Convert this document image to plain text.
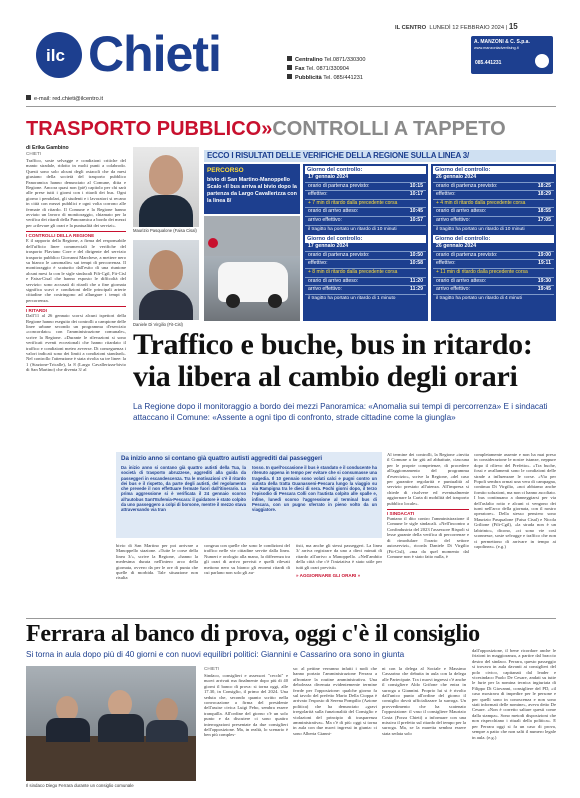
ilc Chieti	Centralino Tel.0871/330300
Fax Tel. 0871/330904
Pubblicità Tel. 085/441231
IL CENTRO LUNEDÌ 12 FEBBRAIO 2024 | 15
A. MANZONI & C. S.p.a.
www.manzoniadvertising.it
085.441231
e-mail: red.chieti@ilcentro.it
TRASPORTO PUBBLICO»CONTROLLI A TAPPETO
di Erika Gambino
CHIETI
Traffico, soste selvagge e condizioni critiche del manto stradale, ridotto in molti punti a colabrodo. Questi sono solo alcuni degli ostacoli che da mesi giustano della società del trasporto pubblico Panoramica hanno denunciato al Comune, ditta e Regione. Ancora quasi non (piè) capitolo per chi sarà alle prese tutti i giorni con i ritardi dei bus. Ogni giorno i pendolari, gli studenti e i lavoratori si recano in città con mezzi pubblici e ogni volta corrono alle fermate di ritardo. Il Comune e la Regione hanno avviato un lavoro di monitoraggio, chiamato per la verifica dei ritardi della Panoramica a bordo dei mezzi per «rilevare gli orari e la puntualità dei servizi».
I CONTROLLI DELLA REGIONE
E il rapporto della Regione, a firma del responsabile dell'ufficio linee commerciali le verifiche del trasporto Flaviano Core e del dirigente del servizio trasporto pubblico Giovanni Marchese, a mettere nero su bianco le «anomalie» sui tempi di percorrenza. Il monitoraggio è scaturito dall'esito di una riunione alcuni mesi fa con le sigle sindacali Filt-Cgil, Fit-Cisl e Faisa-Cisal che hanno esposto le difficoltà del servizio: sono accusati di ritardi che a fine giornata significa scavi e condizioni delle principali arterie cittadine che costringono ad allungare i tempi di percorrenza.
I RITARDI
Dall'11 al 26 gennaio scorsi alcuni ispettori della Regione hanno eseguito dei controlli a campione delle linee urbane secondo un programma d'esercizio «concordato» con l'amministrazione comunale», scrive la Regione. «Durante le rilevazioni si sono verificati eventi eccezionali che hanno ritardato il traffico e condizioni meteo avverse. Di conseguenza i valori indicati sono dei limiti a condizioni standard». Nel controllo l'attenzione è stata rivolta su tre linee: la 1 (Stazione-Tricalle), la 8 (Largo Cavallerizza-bivio di San Martino) che diventa 3/ al
Maurizio Pasqualone (Faisa Cisal)
Daniele Di Virgilio (Fit-Cisl)
ECCO I RISULTATI DELLE VERIFICHE DELLA REGIONE SULLA LINEA 3/
PERCORSO
bivio di San Martino-Manoppello Scalo «Il bus arriva al bivio dopo la partenza da Largo Cavallerizza con la linea 8/
Giorno del controllo:
17 gennaio 2024
orario di partenza previsto:	10:15
effettivo:	10:17
+ 7 min di ritardo dalla precedente corsa
orario di arrivo atteso:	10:45
arrivo effettivo:	10:57
il tragitto ha portato un ritardo di 10 minuti
Giorno del controllo:
17 gennaio 2024
orario di partenza previsto:	10:50
effettivo:	10:58
+ 8 min di ritardo dalla precedente corsa
orario di arrivo atteso:	11:20
arrivo effettivo:	11:29
il tragitto ha portato un ritardo di 1 minuto
Giorno del controllo:
26 gennaio 2024
orario di partenza previsto:	18:25
effettivo:	18:29
+ 4 min di ritardo dalla precedente corsa
orario di arrivo atteso:	18:55
arrivo effettivo:	17:05
il tragitto ha portato un ritardo di 10 minuti
Giorno del controllo:
26 gennaio 2024
orario di partenza previsto:	19:00
effettivo:	19:11
+ 11 min di ritardo dalla precedente corsa
orario di arrivo atteso:	19:30
arrivo effettivo:	19:45
il tragitto ha portato un ritardo di 4 minuti
Traffico e buche, bus in ritardo: via libera al cambio degli orari
La Regione dopo il monitoraggio a bordo dei mezzi Panoramica: «Anomalia sui tempi di percorrenza» E i sindacati attaccano il Comune: «Assente a ogni tipo di confronto, strade cittadine come la giungla»
Da inizio anno si contano già quattro autisti aggrediti dai passeggeri
Da inizio anno si contano già quattro autisti della Tua, la società di trasporto abruzzese, aggrediti alla guida da passeggeri in escandescenza. Tra le motivazioni c'è il ritardo dei bus e il rispetto, da parte degli autisti, del regolamento che prevede il non effettuare fermate fuori dall'itinerario. La prima aggressione si è verificata il 24 gennaio scorso all'autobus Sant'Eufemia-Pescara: il guidatore è stato colpito da uno passeggero a colpi di borsone, mentre il mezzo stava attraversando via tran
tosso. In quell'occasione il bus è standato e il conducente ha ritenuto appena in tempo per evitare che si consumasse una tragedia. Il 10 gennaio sono volati calci e pugni contro un autista della tratta Guanasseni-Pescara lungo la viaggio su via Rampigna tra le dieci di sera. Pochi giorni dopo, il terzo l'episodio di Pescara Colli con l'autista colpito alle spalle e, infine, lunedì scorso l'aggressione al terminal bus di Pescara, con un pugno sferrato in pieno volto da un viaggiatore.
bivio di San Martino per poi arrivare a Manoppello stazione. «Tutte le corse della linea 3/», scrive la Regione, «hanno la medesima durata nell'intero arco della giornata, ovvero da per le ore di punta che quelle di morbida. Tale situazione non risulta
congrua con quelle che sono le condizioni del traffico nelle vie cittadine servite dalla linea. Numeri e orologio alla mano, la differenza tra gli orari di arrivo previsti e quelli rilevati mettono nero su bianco gli enormi ritardi di cui parlano non solo gli au-
tisti, ma anche gli stessi passeggeri. La linea 3/ arriva registrare da uno a dieci minuti di ritardo all'arrivo a Manoppello. «Nell'ambito della città che c'è l'iniziativa è stato utile per tutti gli orari previsti»
» AGGIORNARE GLI ORARI »
Al termine dei controlli, la Regione «invita il Comune a far giù ad abbattute, ciascuna per le proprie competenze, di procedere all'aggiornamento del programma d'esercizio», scrive la Regione, «del caso per garantire regolarità e puntualità al servizio prestato all'utenza. All'impresa si chiede di risolvere ed eventualmente aggiornare la Carta di mobilità del trasporto pubblico locale».
I SINDACATI
Puntano il dito contro l'amministrazione il Comune le sigle sindacali. «Nell'incontro a Confindustria del 2023 l'assessore Rispoli si lesse garante della verifica di percorrenze e di rimodulare l'orario del settore autoservizi», ricorda Daniele Di Virgilio (Fit-Cisl), «ma da quel momento dal Comune non è stato fatto nulla, è
completamente assente e non ha mai preso in considerazione le nostre istanze, neppure dopo il rilievo del Prefetto». «Tra buche, fossi e avallamenti sono le condizioni delle strade a influenzare le corse. «Via per Popoli sembra ormai una vera di campagna, continua Di Virgilio, «noi abbiamo anche fornito soluzioni, ma non ci hanno ascoltato. I bus continuano a danneggiarsi per via dell'asfalto rotto e alcuni ci vengono dei turni nell'arco della giornata, con il nostro operatore». Della stesso pensiero sono Maurizio Pasqualone (Faisa Cisal) e Nicola Grilione (Filt-Cgil), «la strada non è un labirinto», dicono, «ci sono vie così sconnesse, soste selvagge e traffico che non ci permettono di arrivare in tempo ai capolinea». (e.g.)
Ferrara al banco di prova, oggi c'è il consiglio
Si torna in aula dopo più di 40 giorni e con nuovi equilibri politici: Giannini e Cassarino ora sono in giunta
Il sindaco Diego Ferrara durante un consiglio comunale
CHIETI
Sindaco, consiglieri e assessori "cecchi" e nuovi arrivati ma finalmente dopo più di 40 giorni il banco di prova: si torna oggi, alle 17.30, in Consiglio, il primo del 2024. Una seduta che, secondo quanto scritto nella convocazione a firma del presidente dell'assise civica Luigi Febo, sembra essere tranquilla. All'ordine del giorno c'è un solo punto e da discutere ci sono quattro interrogazioni presentate da due consiglieri dell'opposizione. Ma, in realtà, lo scenario è ben più comples-
so: al pettine verranno infatti i nodi che hanno portato l'amministrazione Ferrara a affrontare la routine amministrativa. Una debolezza divenuta evidentemente termine ferrde per l'opposizione: qualche giorno fa sul tavolo del prefetto Mario Della Cioppa è arrivato l'esposto di Serena Pompilio (Azione politica) che ha denunciato «gravi irregolarità sulla funzionalità del Consiglio e violazioni del principio di trasparenza amministrativa». Ma c'è di più: oggi si torna in aula con due nuovi ingressi in giunta: ci sono Alberta Gianni-
ni con la delega al Sociale e Massimo Cassarino che debutta in aula con la delega alle Partecipate. Tra i nuovi ingressi c'è anche il consigliere Aldo Grifone che entra in surroga a Giannini. Proprio lui si è rivolto dall'unico punto all'ordine del giorno il consiglio dovrà ufficializzare la surroga. Un provvedimento che ha scatenato l'opposizione: il vaso il consigliere Maurizio Costa (Forza Chieti) a informare con una missiva il prefetto sul ritardo del tempo per la surroga. Ma, se la maretta sembra essere stata sedata solo
dall'opposizione, il bene ricordare anche le frizioni in maggioranza, a partire dal braccio destro del sindaco. Ferrara, questo passeggio si trovava in aula davanti ai consiglieri del polo civico, capitanati dal leader e vicesindaco Paolo De Cesare, andati su tutte le furie per la nomina tecnica ingiuriata di Filippo Di Giovanni, consigliere del PD, «il caso mostrava di impedire per le persone e per quelli sono in conoscenza e non sono stati informati delle nomine», aveva detto De Cesare. «Non è corretto saltare questi come dalla stampa». Sono metodi disposizioni che non rispecchiano i rituali della politica». E per Ferrara oggi si fa un caso di prova, sempre a patto che non salti il numero legale in aula. (e.g.)
